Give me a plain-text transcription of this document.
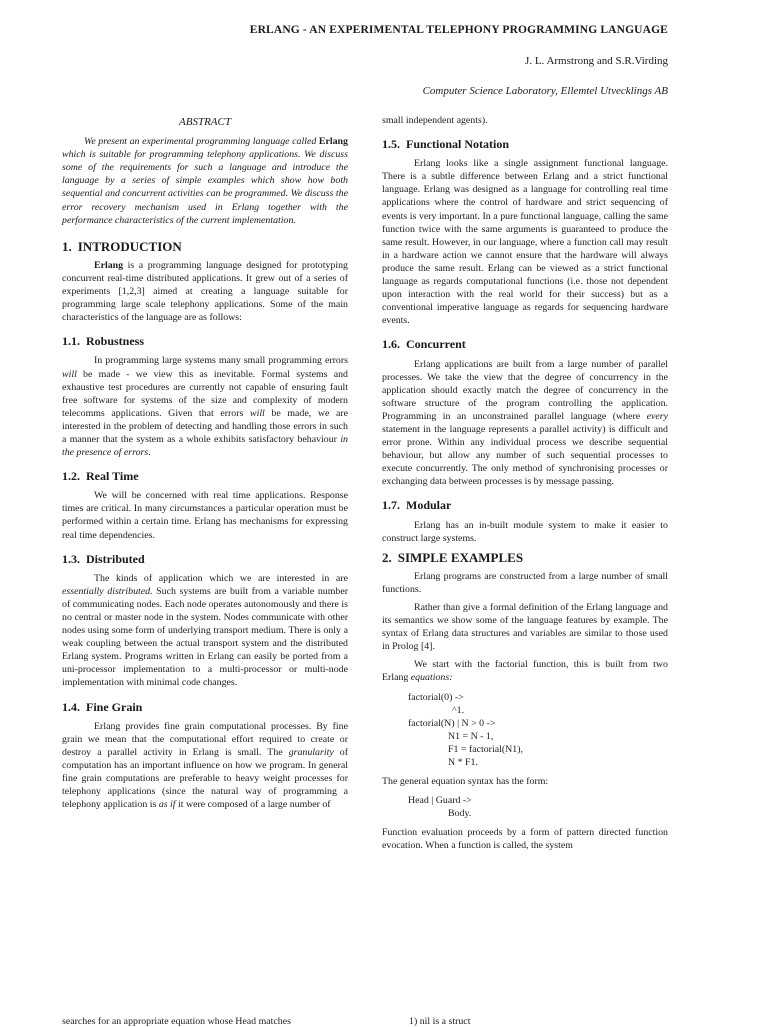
ERLANG - AN EXPERIMENTAL TELEPHONY PROGRAMMING LANGUAGE
J. L. Armstrong and S.R.Virding
Computer Science Laboratory, Ellemtel Utvecklings AB
ABSTRACT

We present an experimental programming language called Erlang which is suitable for programming telephony applications. We discuss some of the requirements for such a language and introduce the language by a series of simple examples which show how both sequential and concurrent activities can be programmed. We discuss the error recovery mechanism used in Erlang together with the performance characteristics of the current implementation.

1. INTRODUCTION

Erlang is a programming language designed for prototyping concurrent real-time distributed applications. It grew out of a series of experiments [1,2,3] aimed at creating a language suitable for programming large scale telephony applications. Some of the main characteristics of the language are as follows:

1.1. Robustness

In programming large systems many small programming errors will be made - we view this as inevitable. Formal systems and exhaustive test procedures are currently not capable of ensuring fault free software for systems of the size and complexity of modern telecomms applications. Given that errors will be made, we are interested in the problem of detecting and handling those errors in such a manner that the system as a whole exhibits satisfactory behaviour in the presence of errors.

1.2. Real Time

We will be concerned with real time applications. Response times are critical. In many circumstances a particular operation must be performed within a certain time. Erlang has mechanisms for expressing real time dependencies.

1.3. Distributed

The kinds of application which we are interested in are essentially distributed. Such systems are built from a variable number of communicating nodes. Each node operates autonomously and there is no central or master node in the system. Nodes communicate with other nodes using some form of underlying transport medium. There is only a weak coupling between the actual transport system and the distributed Erlang system. Programs written in Erlang can easily be ported from a uni-processor implementation to a multi-processor or multi-node implementation with minimal code changes.

1.4. Fine Grain

Erlang provides fine grain computational processes. By fine grain we mean that the computational effort required to create or destroy a parallel activity in Erlang is small. The granularity of computation has an important influence on how we program. In general fine grain computations are preferable to heavy weight processes for telephony applications (since the natural way of programming a telephony application is as if it were composed of a large number of

small independent agents).

1.5. Functional Notation

Erlang looks like a single assignment functional language. There is a subtle difference between Erlang and a strict functional language. Erlang was designed as a language for controlling real time applications where the control of hardware and strict sequencing of events is very important. In a pure functional language, calling the same function twice with the same arguments is guaranteed to produce the same result. However, in our language, where a function call may result in a hardware action we cannot ensure that the hardware will always produce the same result. Erlang can be viewed as a strict functional language as regards computational functions (i.e. those not dependent upon interaction with the real world for their success) but as a conventional imperative language as regards for sequencing hardware events.

1.6. Concurrent

Erlang applications are built from a large number of parallel processes. We take the view that the degree of concurrency in the application should exactly match the degree of concurrency in the software structure of the program controlling the application. Programming in an unconstrained parallel language (where every statement in the language represents a parallel activity) is difficult and error prone. Within any individual process we describe sequential behaviour, but allow any number of such sequential processes to execute concurrently. The only method of synchronising processes or exchanging data between processes is by message passing.

1.7. Modular

Erlang has an in-built module system to make it easier to construct large systems.

2. SIMPLE EXAMPLES

Erlang programs are constructed from a large number of small functions.

Rather than give a formal definition of the Erlang language and its semantics we show some of the language features by example. The syntax of Erlang data structures and variables are similar to those used in Prolog [4].

We start with the factorial function, this is built from two Erlang equations:

factorial(0) ->
^1.
factorial(N) | N > 0 ->
N1 = N - 1,
F1 = factorial(N1),
N * F1.

The general equation syntax has the form:

Head | Guard ->
Body.

Function evaluation proceeds by a form of pattern directed function evocation. When a function is called, the system

searches for an appropriate equation whose Head matches	1) nil is a struct
